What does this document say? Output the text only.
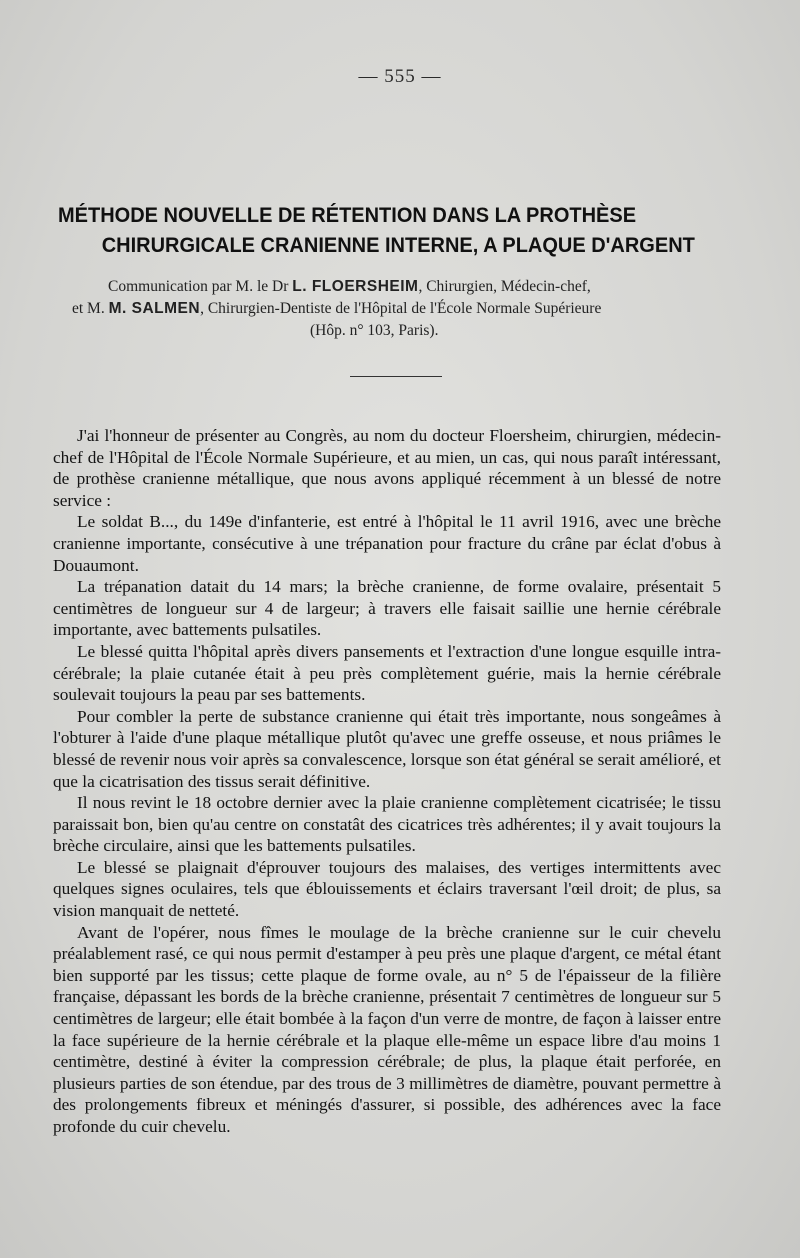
— 555 —
MÉTHODE NOUVELLE DE RÉTENTION DANS LA PROTHÈSE
CHIRURGICALE CRANIENNE INTERNE, A PLAQUE D'ARGENT
Communication par M. le Dr L. FLOERSHEIM, Chirurgien, Médecin-chef,
et M. M. SALMEN, Chirurgien-Dentiste de l'Hôpital de l'École Normale Supérieure
(Hôp. n° 103, Paris).

J'ai l'honneur de présenter au Congrès, au nom du docteur Floersheim, chirurgien, médecin-chef de l'Hôpital de l'École Normale Supérieure, et au mien, un cas, qui nous paraît intéressant, de prothèse cranienne métallique, que nous avons appliqué récemment à un blessé de notre service :

Le soldat B..., du 149e d'infanterie, est entré à l'hôpital le 11 avril 1916, avec une brèche cranienne importante, consécutive à une trépanation pour fracture du crâne par éclat d'obus à Douaumont.

La trépanation datait du 14 mars; la brèche cranienne, de forme ovalaire, présentait 5 centimètres de longueur sur 4 de largeur; à travers elle faisait saillie une hernie cérébrale importante, avec battements pulsatiles.

Le blessé quitta l'hôpital après divers pansements et l'extraction d'une longue esquille intra-cérébrale; la plaie cutanée était à peu près complètement guérie, mais la hernie cérébrale soulevait toujours la peau par ses battements.

Pour combler la perte de substance cranienne qui était très importante, nous songeâmes à l'obturer à l'aide d'une plaque métallique plutôt qu'avec une greffe osseuse, et nous priâmes le blessé de revenir nous voir après sa convalescence, lorsque son état général se serait amélioré, et que la cicatrisation des tissus serait définitive.

Il nous revint le 18 octobre dernier avec la plaie cranienne complètement cicatrisée; le tissu paraissait bon, bien qu'au centre on constatât des cicatrices très adhérentes; il y avait toujours la brèche circulaire, ainsi que les battements pulsatiles.

Le blessé se plaignait d'éprouver toujours des malaises, des vertiges intermittents avec quelques signes oculaires, tels que éblouissements et éclairs traversant l'œil droit; de plus, sa vision manquait de netteté.

Avant de l'opérer, nous fîmes le moulage de la brèche cranienne sur le cuir chevelu préalablement rasé, ce qui nous permit d'estamper à peu près une plaque d'argent, ce métal étant bien supporté par les tissus; cette plaque de forme ovale, au n° 5 de l'épaisseur de la filière française, dépassant les bords de la brèche cranienne, présentait 7 centimètres de longueur sur 5 centimètres de largeur; elle était bombée à la façon d'un verre de montre, de façon à laisser entre la face supérieure de la hernie cérébrale et la plaque elle-même un espace libre d'au moins 1 centimètre, destiné à éviter la compression cérébrale; de plus, la plaque était perforée, en plusieurs parties de son étendue, par des trous de 3 millimètres de diamètre, pouvant permettre à des prolongements fibreux et méningés d'assurer, si possible, des adhérences avec la face profonde du cuir chevelu.
